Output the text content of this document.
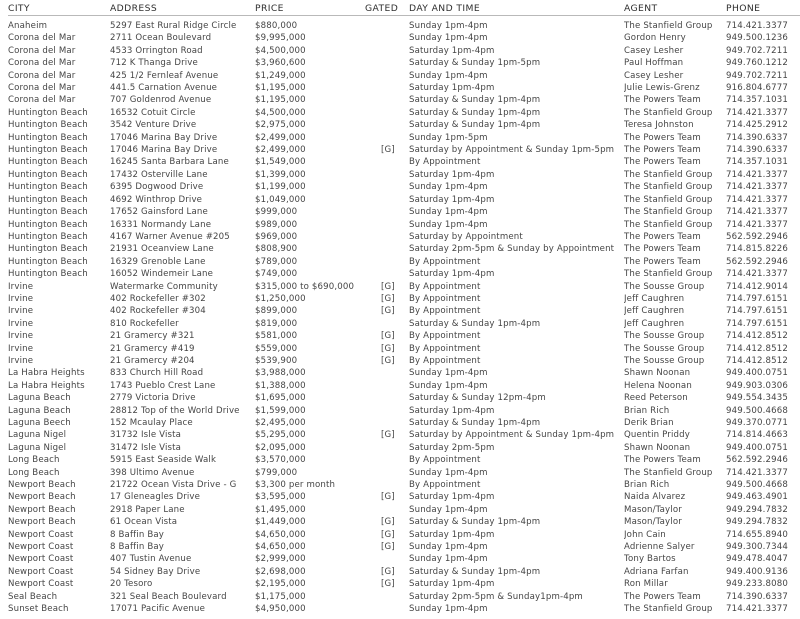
CITY	ADDRESS	PRICE	GATED	DAY AND TIME	AGENT	PHONE
Anaheim	5297 East Rural Ridge Circle	$880,000		Sunday 1pm-4pm	The Stanfield Group	714.421.3377
Corona del Mar	2711 Ocean Boulevard	$9,995,000		Sunday 1pm-4pm	Gordon Henry	949.500.1236
Corona del Mar	4533 Orrington Road	$4,500,000		Saturday 1pm-4pm	Casey Lesher	949.702.7211
Corona del Mar	712 K Thanga Drive	$3,960,600		Saturday & Sunday 1pm-5pm	Paul Hoffman	949.760.1212
Corona del Mar	425 1/2 Fernleaf Avenue	$1,249,000		Sunday 1pm-4pm	Casey Lesher	949.702.7211
Corona del Mar	441.5 Carnation Avenue	$1,195,000		Saturday 1pm-4pm	Julie Lewis-Grenz	916.804.6777
Corona del Mar	707 Goldenrod Avenue	$1,195,000		Saturday & Sunday 1pm-4pm	The Powers Team	714.357.1031
Huntington Beach	16532 Cotuit Circle	$4,500,000		Saturday & Sunday 1pm-4pm	The Stanfield Group	714.421.3377
Huntington Beach	3542 Venture Drive	$2,975,000		Saturday & Sunday 1pm-4pm	Teresa Johnston	714.425.2912
Huntington Beach	17046 Marina Bay Drive	$2,499,000		Sunday 1pm-5pm	The Powers Team	714.390.6337
Huntington Beach	17046 Marina Bay Drive	$2,499,000	[G]	Saturday by Appointment & Sunday 1pm-5pm	The Powers Team	714.390.6337
Huntington Beach	16245 Santa Barbara Lane	$1,549,000		By Appointment	The Powers Team	714.357.1031
Huntington Beach	17432 Osterville Lane	$1,399,000		Saturday 1pm-4pm	The Stanfield Group	714.421.3377
Huntington Beach	6395 Dogwood Drive	$1,199,000		Sunday 1pm-4pm	The Stanfield Group	714.421.3377
Huntington Beach	4692 Winthrop Drive	$1,049,000		Saturday 1pm-4pm	The Stanfield Group	714.421.3377
Huntington Beach	17652 Gainsford Lane	$999,000		Sunday 1pm-4pm	The Stanfield Group	714.421.3377
Huntington Beach	16331 Normandy Lane	$989,000		Sunday 1pm-4pm	The Stanfield Group	714.421.3377
Huntington Beach	4167 Warner Avenue #205	$969,000		Saturday by Appointment	The Powers Team	562.592.2946
Huntington Beach	21931 Oceanview Lane	$808,900		Saturday 2pm-5pm & Sunday by Appointment	The Powers Team	714.815.8226
Huntington Beach	16329 Grenoble Lane	$789,000		By Appointment	The Powers Team	562.592.2946
Huntington Beach	16052 Windemeir Lane	$749,000		Saturday 1pm-4pm	The Stanfield Group	714.421.3377
Irvine	Watermarke Community	$315,000 to $690,000	[G]	By Appointment	The Sousse Group	714.412.9014
Irvine	402 Rockefeller #302	$1,250,000	[G]	By Appointment	Jeff Caughren	714.797.6151
Irvine	402 Rockefeller #304	$899,000	[G]	By Appointment	Jeff Caughren	714.797.6151
Irvine	810 Rockefeller	$819,000		Saturday & Sunday 1pm-4pm	Jeff Caughren	714.797.6151
Irvine	21 Gramercy #321	$581,000	[G]	By Appointment	The Sousse Group	714.412.8512
Irvine	21 Gramercy #419	$559,000	[G]	By Appointment	The Sousse Group	714.412.8512
Irvine	21 Gramercy #204	$539,900	[G]	By Appointment	The Sousse Group	714.412.8512
La Habra Heights	833 Church Hill Road	$3,988,000		Sunday 1pm-4pm	Shawn Noonan	949.400.0751
La Habra Heights	1743 Pueblo Crest Lane	$1,388,000		Sunday 1pm-4pm	Helena Noonan	949.903.0306
Laguna Beach	2779 Victoria Drive	$1,695,000		Saturday & Sunday 12pm-4pm	Reed Peterson	949.554.3435
Laguna Beach	28812 Top of the World Drive	$1,599,000		Saturday 1pm-4pm	Brian Rich	949.500.4668
Laguna Beech	152 Mcaulay Place	$2,495,000		Saturday & Sunday 1pm-4pm	Derik Brian	949.370.0771
Laguna Nigel	31732 Isle Vista	$5,295,000	[G]	Saturday by Appointment & Sunday 1pm-4pm	Quentin Priddy	714.814.4663
Laguna Nigel	31472 Isle Vista	$2,095,000		Saturday 2pm-5pm	Shawn Noonan	949.400.0751
Long Beach	5915 East Seaside Walk	$3,570,000		By Appointment	The Powers Team	562.592.2946
Long Beach	398 Ultimo Avenue	$799,000		Sunday 1pm-4pm	The Stanfield Group	714.421.3377
Newport Beach	21722 Ocean Vista Drive - G	$3,300 per month		By Appointment	Brian Rich	949.500.4668
Newport Beach	17 Gleneagles Drive	$3,595,000	[G]	Saturday 1pm-4pm	Naida Alvarez	949.463.4901
Newport Beach	2918 Paper Lane	$1,495,000		Sunday 1pm-4pm	Mason/Taylor	949.294.7832
Newport Beach	61 Ocean Vista	$1,449,000	[G]	Saturday & Sunday 1pm-4pm	Mason/Taylor	949.294.7832
Newport Coast	8 Baffin Bay	$4,650,000	[G]	Saturday 1pm-4pm	John Cain	714.655.8940
Newport Coast	8 Baffin Bay	$4,650,000	[G]	Sunday 1pm-4pm	Adrienne Salyer	949.300.7344
Newport Coast	407 Tustin Avenue	$2,999,000		Sunday 1pm-4pm	Tony Bartos	949.478.4047
Newport Coast	54 Sidney Bay Drive	$2,698,000	[G]	Saturday & Sunday 1pm-4pm	Adriana Farfan	949.400.9136
Newport Coast	20 Tesoro	$2,195,000	[G]	Saturday 1pm-4pm	Ron Millar	949.233.8080
Seal Beach	321 Seal Beach Boulevard	$1,175,000		Saturday 2pm-5pm & Sunday1pm-4pm	The Powers Team	714.390.6337
Sunset Beach	17071 Pacific Avenue	$4,950,000		Sunday 1pm-4pm	The Stanfield Group	714.421.3377
